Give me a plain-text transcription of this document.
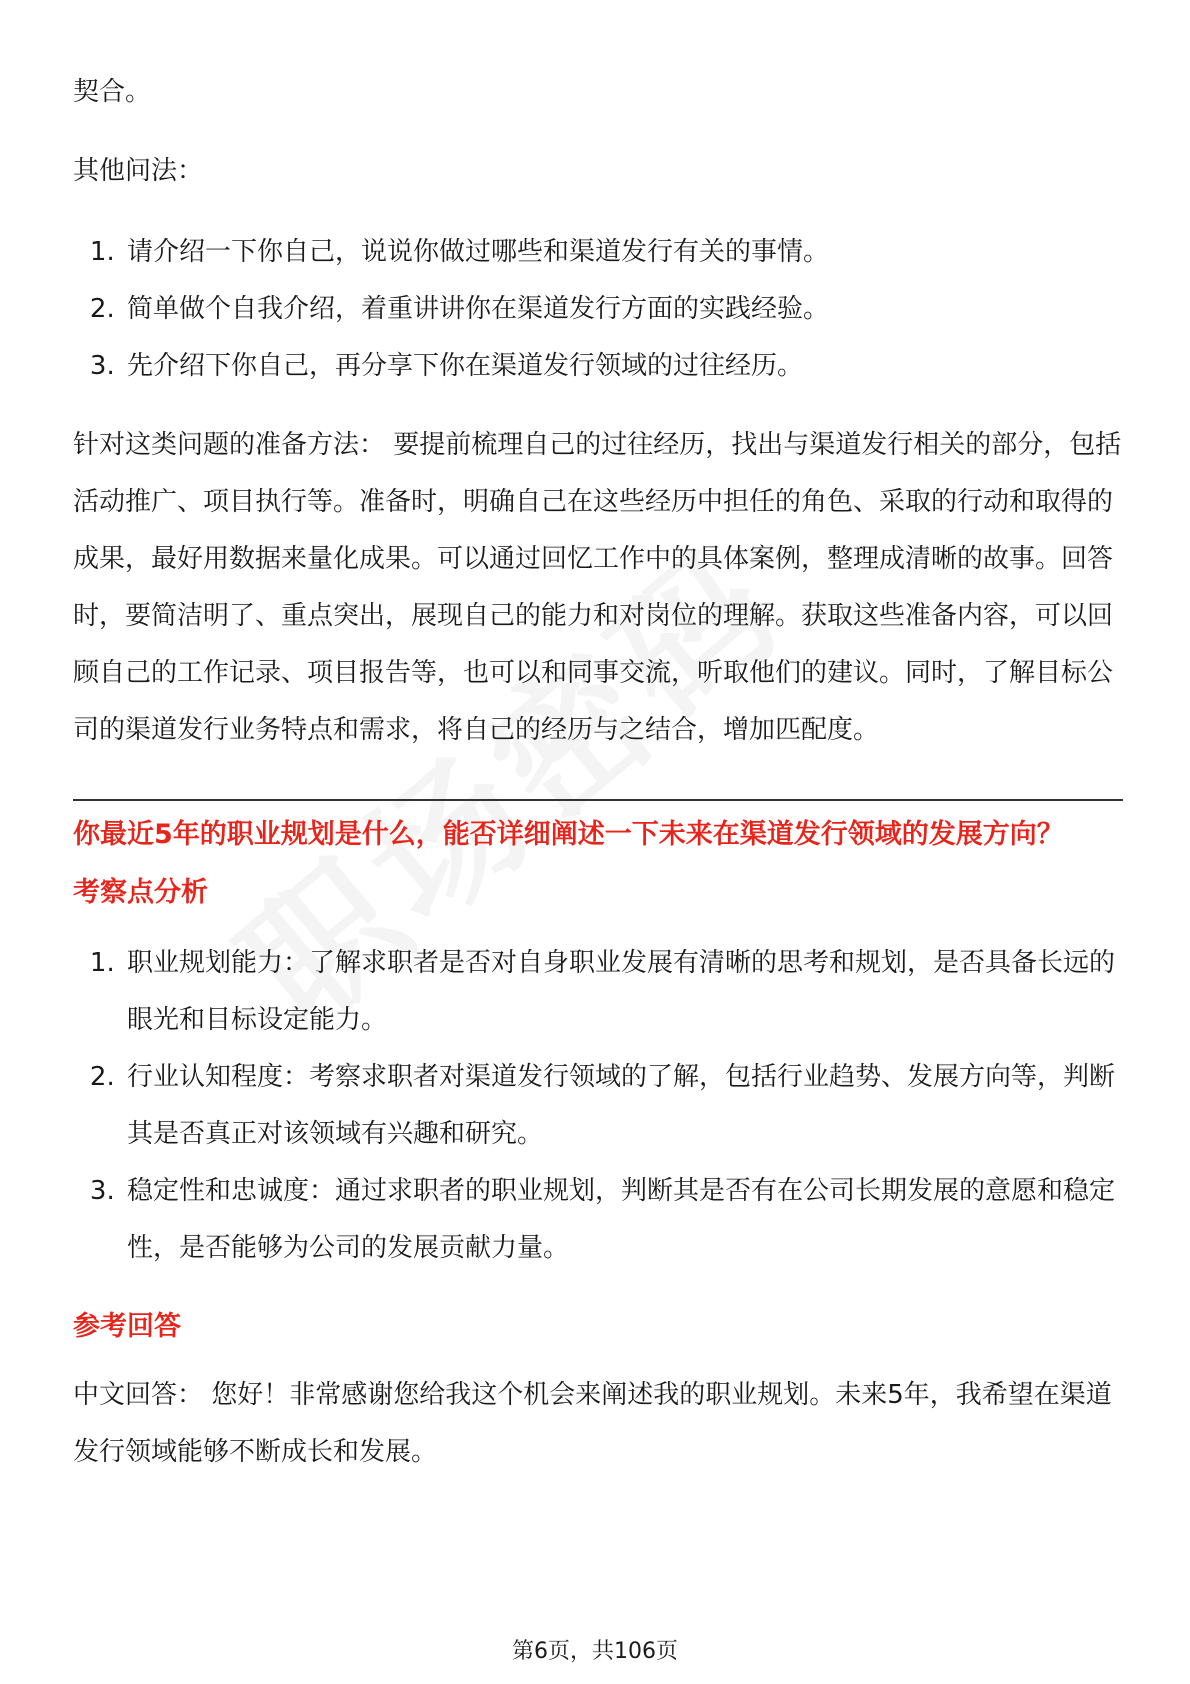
契合。

其他问法：

1. 请介绍一下你自己，说说你做过哪些和渠道发行有关的事情。
2. 简单做个自我介绍，着重讲讲你在渠道发行方面的实践经验。
3. 先介绍下你自己，再分享下你在渠道发行领域的过往经历。

针对这类问题的准备方法： 要提前梳理自己的过往经历，找出与渠道发行相关的部分，包括活动推广、项目执行等。准备时，明确自己在这些经历中担任的角色、采取的行动和取得的成果，最好用数据来量化成果。可以通过回忆工作中的具体案例，整理成清晰的故事。回答时，要简洁明了、重点突出，展现自己的能力和对岗位的理解。获取这些准备内容，可以回顾自己的工作记录、项目报告等，也可以和同事交流，听取他们的建议。同时，了解目标公司的渠道发行业务特点和需求，将自己的经历与之结合，增加匹配度。

你最近5年的职业规划是什么，能否详细阐述一下未来在渠道发行领域的发展方向？
考察点分析
1. 职业规划能力：了解求职者是否对自身职业发展有清晰的思考和规划，是否具备长远的眼光和目标设定能力。
2. 行业认知程度：考察求职者对渠道发行领域的了解，包括行业趋势、发展方向等，判断其是否真正对该领域有兴趣和研究。
3. 稳定性和忠诚度：通过求职者的职业规划，判断其是否有在公司长期发展的意愿和稳定性，是否能够为公司的发展贡献力量。
参考回答

中文回答： 您好！非常感谢您给我这个机会来阐述我的职业规划。未来5年，我希望在渠道发行领域能够不断成长和发展。

第6页，共106页
